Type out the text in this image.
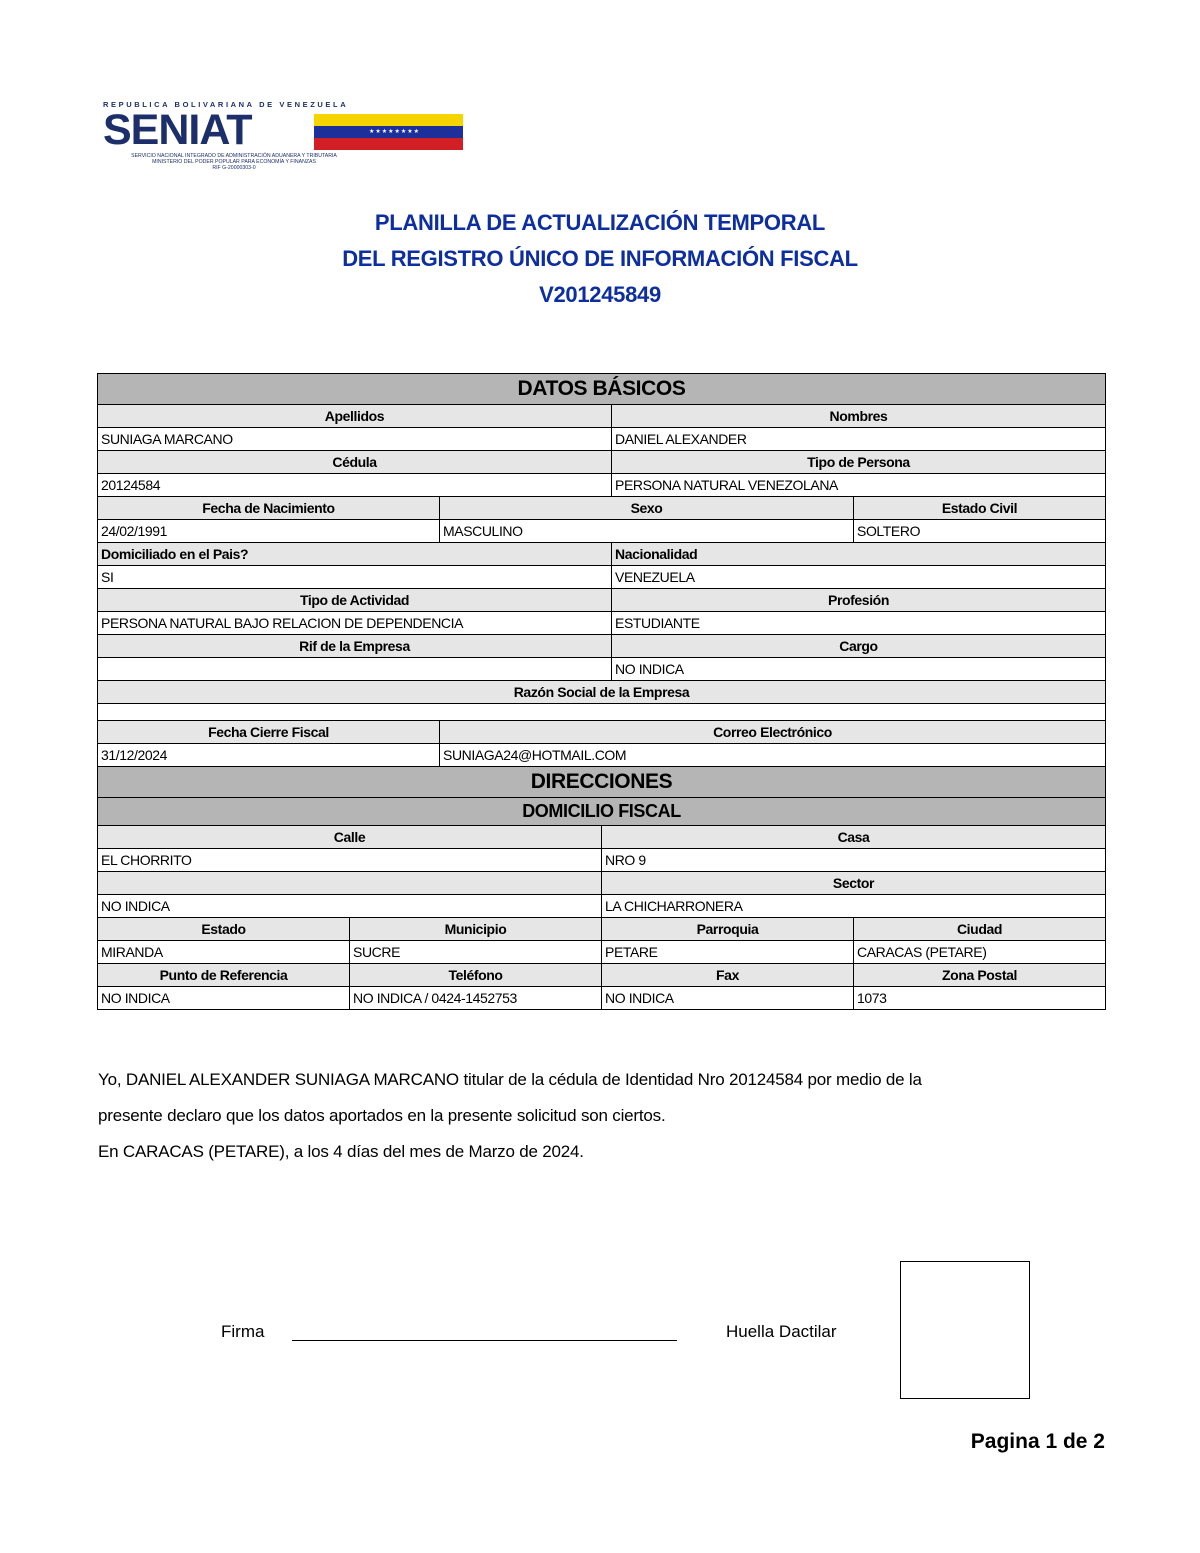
REPUBLICA BOLIVARIANA DE VENEZUELA
SENIAT	★★★★★★★★
SERVICIO NACIONAL INTEGRADO DE ADMINISTRACIÓN ADUANERA Y TRIBUTARIA
MINISTERIO DEL PODER POPULAR PARA ECONOMÍA Y FINANZAS
RIF G-20000303-0
PLANILLA DE ACTUALIZACIÓN TEMPORAL
DEL REGISTRO ÚNICO DE INFORMACIÓN FISCAL
V201245849
DATOS BÁSICOS					
Apellidos				Nombres	
SUNIAGA MARCANO				DANIEL ALEXANDER	
Cédula				Tipo de Persona	
20124584				PERSONA NATURAL VENEZOLANA	
Fecha de Nacimiento		Sexo			Estado Civil
24/02/1991		MASCULINO			SOLTERO
Domiciliado en el Pais?				Nacionalidad	
SI				VENEZUELA	
Tipo de Actividad				Profesión	
PERSONA NATURAL BAJO RELACION DE DEPENDENCIA				ESTUDIANTE	
Rif de la Empresa				Cargo	
				NO INDICA	
Razón Social de la Empresa					

Fecha Cierre Fiscal		Correo Electrónico			
31/12/2024		SUNIAGA24@HOTMAIL.COM			
DIRECCIONES					
DOMICILIO FISCAL					
Calle			Casa		
EL CHORRITO			NRO 9		
			Sector		
NO INDICA			LA CHICHARRONERA		
Estado	Municipio		Parroquia		Ciudad
MIRANDA	SUCRE		PETARE		CARACAS (PETARE)
Punto de Referencia	Teléfono		Fax		Zona Postal
NO INDICA	NO INDICA / 0424-1452753		NO INDICA		1073

Yo, DANIEL ALEXANDER SUNIAGA MARCANO titular de la cédula de Identidad Nro 20124584 por medio de la

presente declaro que los datos aportados en la presente solicitud son ciertos.

En CARACAS (PETARE), a los 4 días del mes de Marzo de 2024.

Firma	Huella Dactilar
Pagina 1 de 2
